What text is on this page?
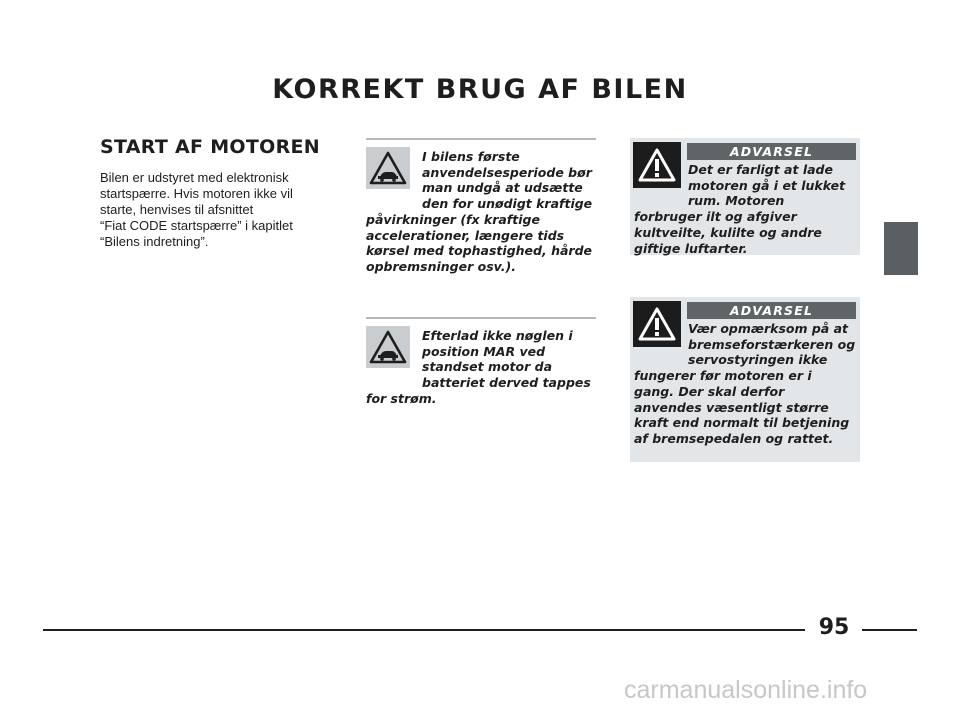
KORREKT BRUG AF BILEN
START AF MOTOREN
Bilen er udstyret med elektronisk
startspærre. Hvis motoren ikke vil
starte, henvises til afsnittet
“Fiat CODE startspærre” i kapitlet
“Bilens indretning”.
I bilens første anvendelsesperiode bør man undgå at udsætte den for unødigt kraftige påvirkninger (fx kraftige accelerationer, længere tids kørsel med tophastighed, hårde opbremsninger osv.).
Efterlad ikke nøglen i position MAR ved standset motor da batteriet derved tappes for strøm.
ADVARSEL
Det er farligt at lade motoren gå i et lukket rum. Motoren forbruger ilt og afgiver kultveilte, kulilte og andre giftige luftarter.
ADVARSEL
Vær opmærksom på at bremseforstærkeren og servostyringen ikke fungerer før motoren er i gang. Der skal derfor anvendes væsentligt større kraft end normalt til betjening af bremsepedalen og rattet.
95
carmanualsonline.info
